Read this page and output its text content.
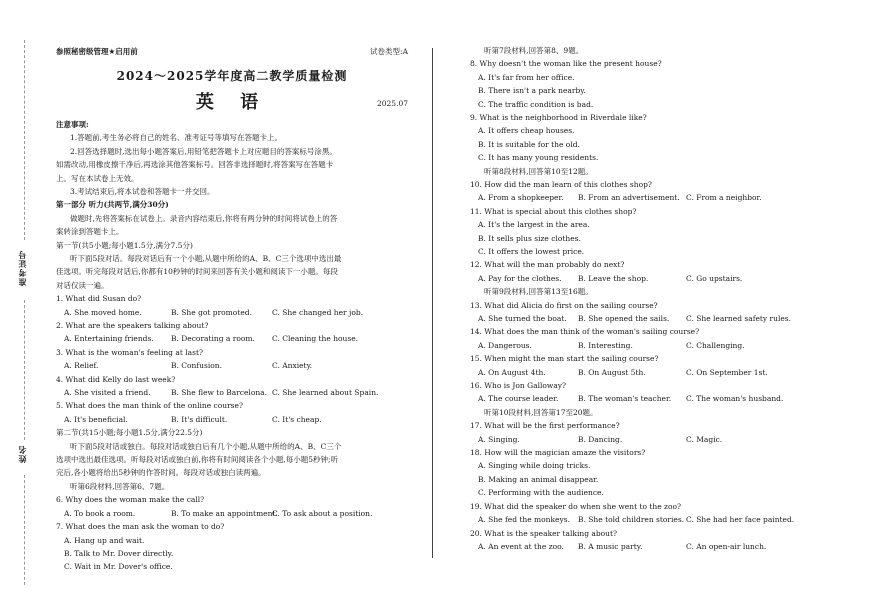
准考证号
姓名
参照秘密级管理★启用前	试卷类型:A
2024～2025学年度高二教学质量检测
英 语	2025.07
注意事项:
1.答题前,考生务必将自己的姓名、准考证号等填写在答题卡上。
2.回答选择题时,选出每小题答案后,用铅笔把答题卡上对应题目的答案标号涂黑。
如需改动,用橡皮擦干净后,再选涂其他答案标号。回答非选择题时,将答案写在答题卡
上。写在本试卷上无效。
3.考试结束后,将本试卷和答题卡一并交回。
第一部分 听力(共两节,满分30分)
做题时,先将答案标在试卷上。录音内容结束后,你将有两分钟的时间将试卷上的答
案转涂到答题卡上。
第一节(共5小题;每小题1.5分,满分7.5分)
听下面5段对话。每段对话后有一个小题,从题中所给的A、B、C三个选项中选出最
佳选项。听完每段对话后,你都有10秒钟的时间来回答有关小题和阅读下一小题。每段
对话仅读一遍。
1. What did Susan do?
A. She moved home.	B. She got promoted.	C. She changed her job.
2. What are the speakers talking about?
A. Entertaining friends. B. Decorating a room. C. Cleaning the house.
3. What is the woman's feeling at last?
A. Relief.	B. Confusion.	C. Anxiety.
4. What did Kelly do last week?
A. She visited a friend.	B. She flew to Barcelona. C. She learned about Spain.
5. What does the man think of the online course?
A. It's beneficial.	B. It's difficult.	C. It's cheap.
第二节(共15小题;每小题1.5分,满分22.5分)
听下面5段对话或独白。每段对话或独白后有几个小题,从题中所给的A、B、C三个
选项中选出最佳选项。听每段对话或独白前,你将有时间阅读各个小题,每小题5秒钟;听
完后,各小题将给出5秒钟的作答时间。每段对话或独白读两遍。
听第6段材料,回答第6、7题。
6. Why does the woman make the call?
A. To book a room.	B. To make an appointment.
C. To ask about a position.
7. What does the man ask the woman to do?
A. Hang up and wait.
B. Talk to Mr. Dover directly.
C. Wait in Mr. Dover's office.
听第7段材料,回答第8、9题。
8. Why doesn't the woman like the present house?
A. It's far from her office.
B. There isn't a park nearby.
C. The traffic condition is bad.
9. What is the neighborhood in Riverdale like?
A. It offers cheap houses.
B. It is suitable for the old.
C. It has many young residents.
听第8段材料,回答第10至12题。
10. How did the man learn of this clothes shop?
A. From a shopkeeper. B. From an advertisement. C. From a neighbor.
11. What is special about this clothes shop?
A. It's the largest in the area.
B. It sells plus size clothes.
C. It offers the lowest price.
12. What will the man probably do next?
A. Pay for the clothes. B. Leave the shop.	C. Go upstairs.
听第9段材料,回答第13至16题。
13. What did Alicia do first on the sailing course?
A. She turned the boat. B. She opened the sails. C. She learned safety rules.
14. What does the man think of the woman's sailing course?
A. Dangerous.	B. Interesting.	C. Challenging.
15. When might the man start the sailing course?
A. On August 4th.	B. On August 5th.	C. On September 1st.
16. Who is Jon Galloway?
A. The course leader.	B. The woman's teacher. C. The woman's husband.
听第10段材料,回答第17至20题。
17. What will be the first performance?
A. Singing.	B. Dancing.	C. Magic.
18. How will the magician amaze the visitors?
A. Singing while doing tricks.
B. Making an animal disappear.
C. Performing with the audience.
19. What did the speaker do when she went to the zoo?
A. She fed the monkeys. B. She told children stories. C. She had her face painted.
20. What is the speaker talking about?
A. An event at the zoo. B. A music party.	C. An open-air lunch.
